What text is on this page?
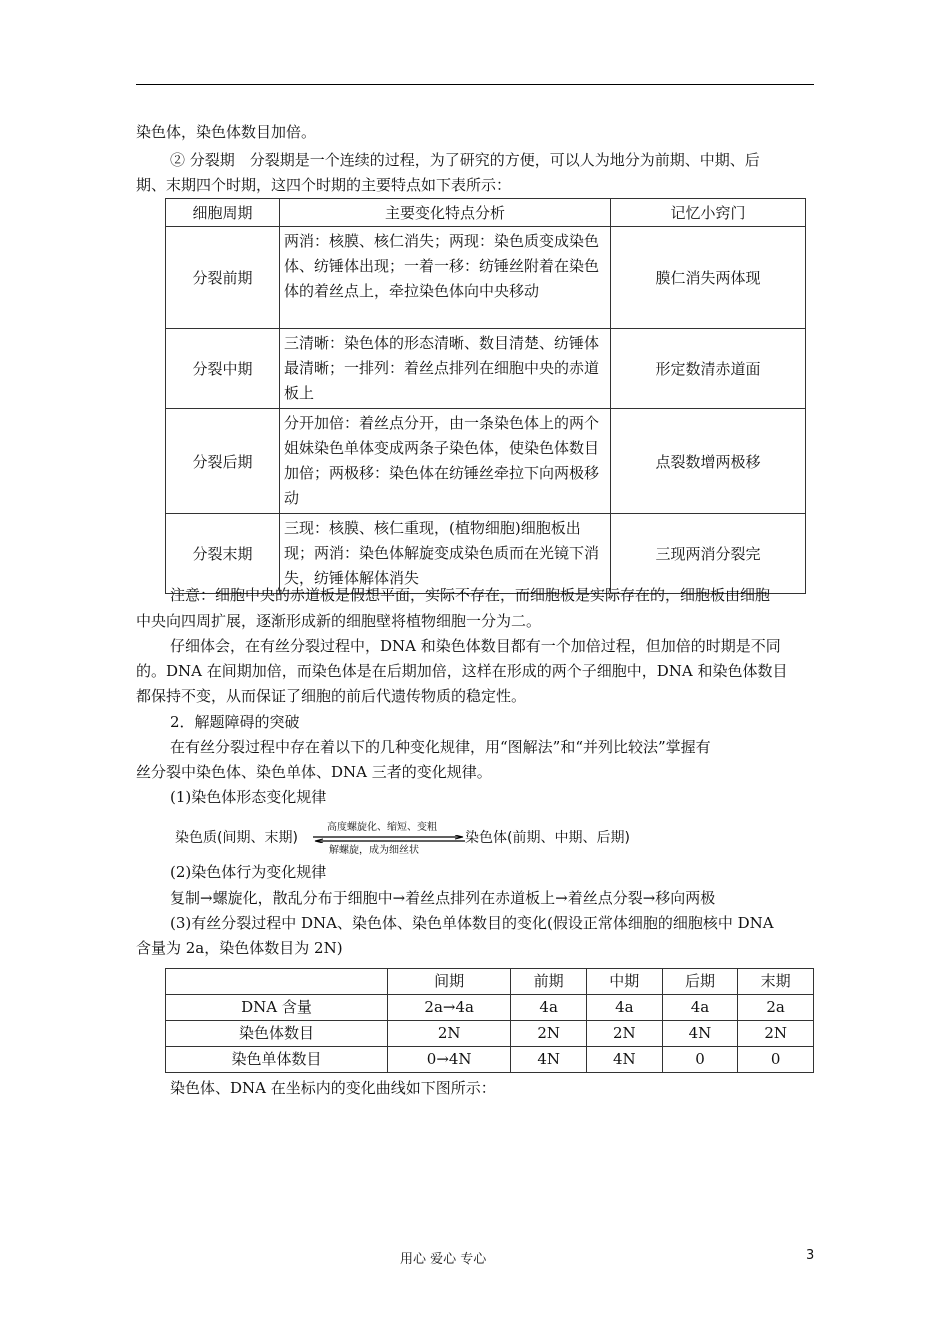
染色体，染色体数目加倍。
② 分裂期　分裂期是一个连续的过程，为了研究的方便，可以人为地分为前期、中期、后
期、末期四个时期，这四个时期的主要特点如下表所示：
细胞周期	主要变化特点分析	记忆小窍门
分裂前期	两消：核膜、核仁消失；两现：染色质变成染色体、纺锤体出现；一着一移：纺锤丝附着在染色体的着丝点上，牵拉染色体向中央移动	膜仁消失两体现
分裂中期	三清晰：染色体的形态清晰、数目清楚、纺锤体最清晰；一排列：着丝点排列在细胞中央的赤道板上	形定数清赤道面
分裂后期	分开加倍：着丝点分开，由一条染色体上的两个姐妹染色单体变成两条子染色体，使染色体数目加倍；两极移：染色体在纺锤丝牵拉下向两极移动	点裂数增两极移
分裂末期	三现：核膜、核仁重现，(植物细胞)细胞板出现；两消：染色体解旋变成染色质而在光镜下消失，纺锤体解体消失	三现两消分裂完
注意：细胞中央的赤道板是假想平面，实际不存在，而细胞板是实际存在的，细胞板由细胞
中央向四周扩展，逐渐形成新的细胞壁将植物细胞一分为二。
仔细体会，在有丝分裂过程中，DNA 和染色体数目都有一个加倍过程，但加倍的时期是不同
的。DNA 在间期加倍，而染色体是在后期加倍，这样在形成的两个子细胞中，DNA 和染色体数目
都保持不变，从而保证了细胞的前后代遗传物质的稳定性。
2．解题障碍的突破
在有丝分裂过程中存在着以下的几种变化规律，用“图解法”和“并列比较法”掌握有
丝分裂中染色体、染色单体、DNA 三者的变化规律。
(1)染色体形态变化规律
染色质(间期、末期)
高度螺旋化、缩短、变粗
解螺旋，成为细丝状
染色体(前期、中期、后期)
(2)染色体行为变化规律
复制→螺旋化，散乱分布于细胞中→着丝点排列在赤道板上→着丝点分裂→移向两极
(3)有丝分裂过程中 DNA、染色体、染色单体数目的变化(假设正常体细胞的细胞核中 DNA
含量为 2a，染色体数目为 2N)
	间期	前期	中期	后期	末期
DNA 含量	2a→4a	4a	4a	4a	2a
染色体数目	2N	2N	2N	4N	2N
染色单体数目	0→4N	4N	4N	0	0
染色体、DNA 在坐标内的变化曲线如下图所示：
用心 爱心 专心	3
